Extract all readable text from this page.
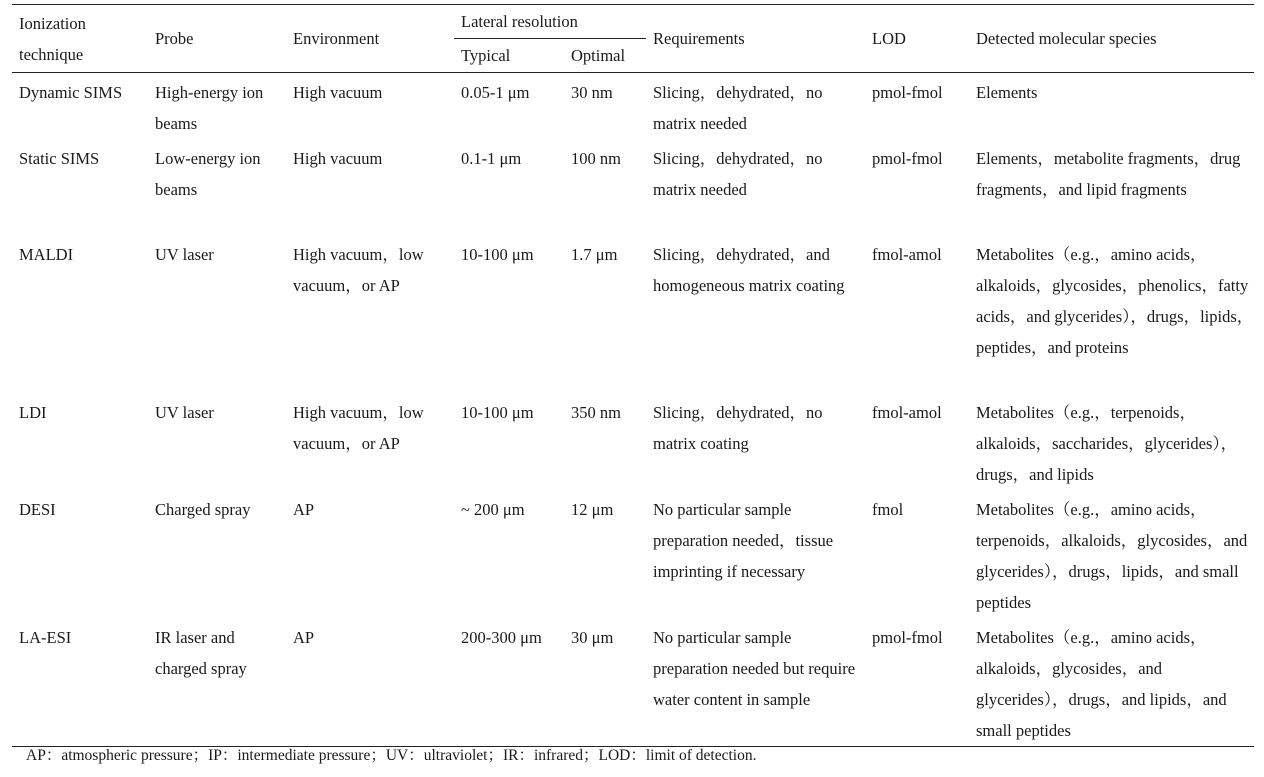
Ionization technique	Probe	Environment	Lateral resolution		Requirements	LOD	Detected molecular species
			Typical	Optimal			
Dynamic SIMS	High-energy ion beams	High vacuum	0.05-1 μm	30 nm	Slicing，dehydrated，no matrix needed	pmol-fmol	Elements
Static SIMS	Low-energy ion beams	High vacuum	0.1-1 μm	100 nm	Slicing，dehydrated，no matrix needed	pmol-fmol	Elements，metabolite fragments，drug fragments，and lipid fragments
MALDI	UV laser	High vacuum，low vacuum，or AP	10-100 μm	1.7 μm	Slicing，dehydrated，and homogeneous matrix coating	fmol-amol	Metabolites（e.g.，amino acids，alkaloids，glycosides，phenolics，fatty acids，and glycerides），drugs，lipids，peptides，and proteins
LDI	UV laser	High vacuum，low vacuum，or AP	10-100 μm	350 nm	Slicing，dehydrated，no matrix coating	fmol-amol	Metabolites（e.g.，terpenoids，alkaloids，saccharides，glycerides），drugs，and lipids
DESI	Charged spray	AP	~ 200 μm	12 μm	No particular sample preparation needed，tissue imprinting if necessary	fmol	Metabolites（e.g.，amino acids，terpenoids，alkaloids，glycosides，and glycerides），drugs，lipids，and small peptides
LA-ESI	IR laser and charged spray	AP	200-300 μm	30 μm	No particular sample preparation needed but require water content in sample	pmol-fmol	Metabolites（e.g.，amino acids，alkaloids，glycosides，and glycerides），drugs，and lipids，and small peptides
AP：atmospheric pressure；IP：intermediate pressure；UV：ultraviolet；IR：infrared；LOD：limit of detection.
